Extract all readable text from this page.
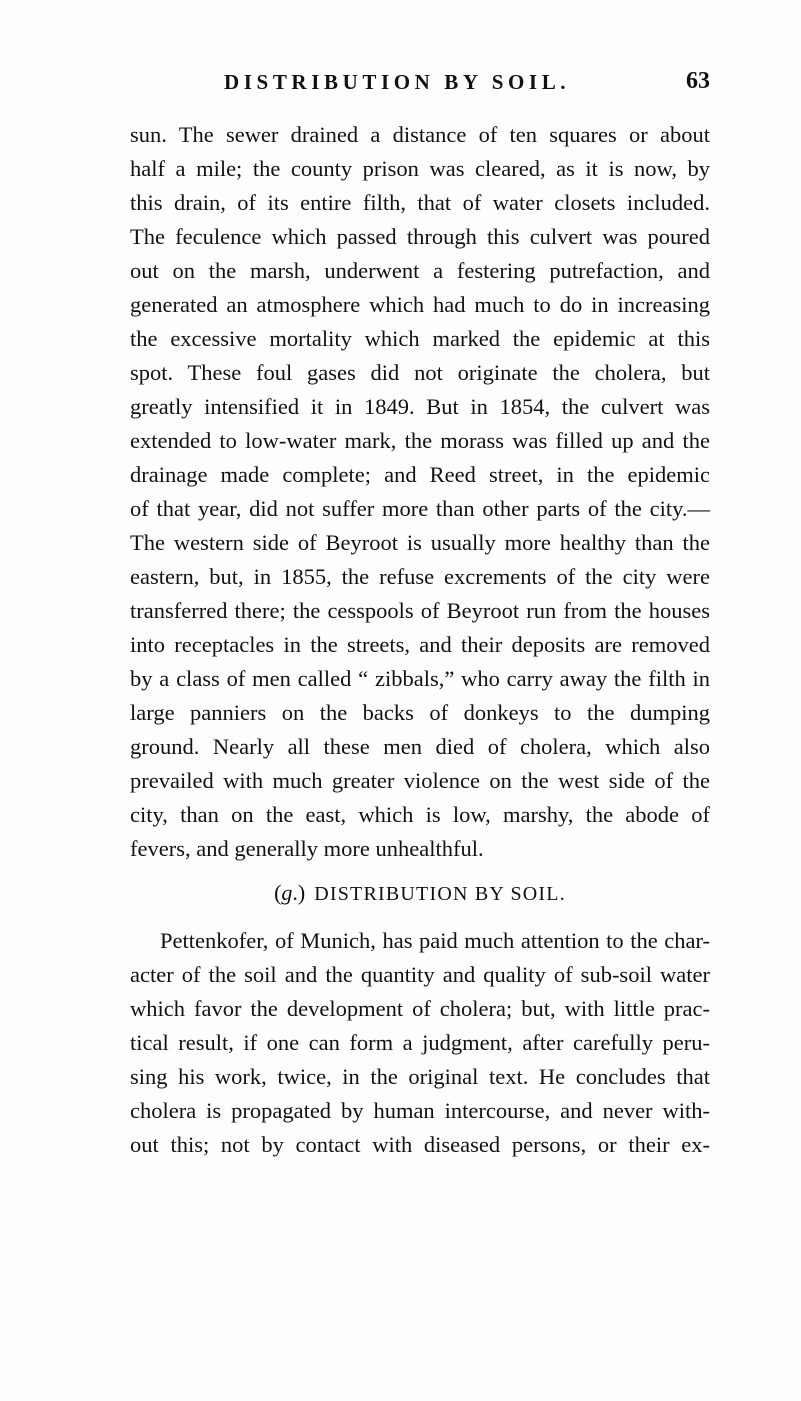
DISTRIBUTION BY SOIL.	63
sun. The sewer drained a distance of ten squares or about
half a mile; the county prison was cleared, as it is now, by
this drain, of its entire filth, that of water closets included.
The feculence which passed through this culvert was poured
out on the marsh, underwent a festering putrefaction, and
generated an atmosphere which had much to do in increasing
the excessive mortality which marked the epidemic at this
spot. These foul gases did not originate the cholera, but
greatly intensified it in 1849. But in 1854, the culvert was
extended to low-water mark, the morass was filled up and the
drainage made complete; and Reed street, in the epidemic
of that year, did not suffer more than other parts of the city.—
The western side of Beyroot is usually more healthy than the
eastern, but, in 1855, the refuse excrements of the city were
transferred there; the cesspools of Beyroot run from the houses
into receptacles in the streets, and their deposits are removed
by a class of men called “ zibbals,” who carry away the filth in
large panniers on the backs of donkeys to the dumping
ground. Nearly all these men died of cholera, which also
prevailed with much greater violence on the west side of the
city, than on the east, which is low, marshy, the abode of
fevers, and generally more unhealthful.
(g.) DISTRIBUTION BY SOIL.
Pettenkofer, of Munich, has paid much attention to the char-
acter of the soil and the quantity and quality of sub-soil water
which favor the development of cholera; but, with little prac-
tical result, if one can form a judgment, after carefully peru-
sing his work, twice, in the original text. He concludes that
cholera is propagated by human intercourse, and never with-
out this; not by contact with diseased persons, or their ex-
